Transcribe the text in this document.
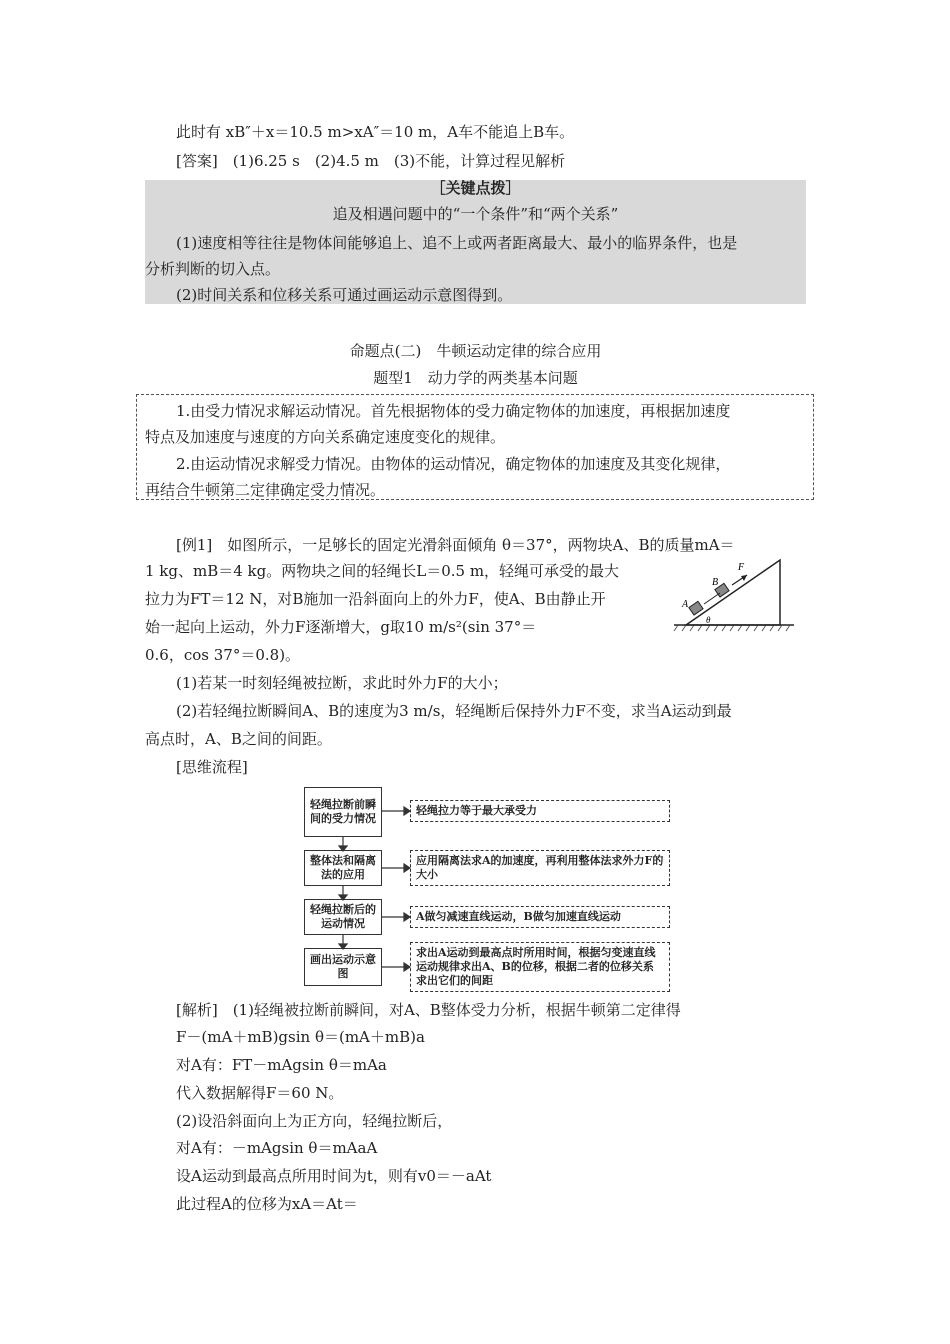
此时有 xB″＋x＝10.5 m>xA″＝10 m，A车不能追上B车。
[答案]　(1)6.25 s　(2)4.5 m　(3)不能，计算过程见解析
［关键点拨］
追及相遇问题中的“一个条件”和“两个关系”
(1)速度相等往往是物体间能够追上、追不上或两者距离最大、最小的临界条件，也是
分析判断的切入点。
(2)时间关系和位移关系可通过画运动示意图得到。
命题点(二)　牛顿运动定律的综合应用
题型1　动力学的两类基本问题
1.由受力情况求解运动情况。首先根据物体的受力确定物体的加速度，再根据加速度
特点及加速度与速度的方向关系确定速度变化的规律。
2.由运动情况求解受力情况。由物体的运动情况，确定物体的加速度及其变化规律，
再结合牛顿第二定律确定受力情况。
[例1]　如图所示，一足够长的固定光滑斜面倾角 θ＝37°，两物块A、B的质量mA＝
1 kg、mB＝4 kg。两物块之间的轻绳长L＝0.5 m，轻绳可承受的最大
拉力为FT＝12 N，对B施加一沿斜面向上的外力F，使A、B由静止开
始一起向上运动，外力F逐渐增大，g取10 m/s²(sin 37°＝
0.6，cos 37°＝0.8)。
(1)若某一时刻轻绳被拉断，求此时外力F的大小；
(2)若轻绳拉断瞬间A、B的速度为3 m/s，轻绳断后保持外力F不变，求当A运动到最
高点时，A、B之间的间距。
[思维流程]
A
B
F
θ
轻绳拉断前瞬间的受力情况
轻绳拉力等于最大承受力
整体法和隔离法的应用
应用隔离法求A的加速度，再利用整体法求外力F的大小
轻绳拉断后的运动情况
A做匀减速直线运动，B做匀加速直线运动
画出运动示意图
求出A运动到最高点时所用时间，根据匀变速直线运动规律求出A、B的位移，根据二者的位移关系求出它们的间距
[解析]　(1)轻绳被拉断前瞬间，对A、B整体受力分析，根据牛顿第二定律得
F－(mA＋mB)gsin θ＝(mA＋mB)a
对A有：FT－mAgsin θ＝mAa
代入数据解得F＝60 N。
(2)设沿斜面向上为正方向，轻绳拉断后，
对A有：－mAgsin θ＝mAaA
设A运动到最高点所用时间为t，则有v0＝－aAt
此过程A的位移为xA＝At＝
